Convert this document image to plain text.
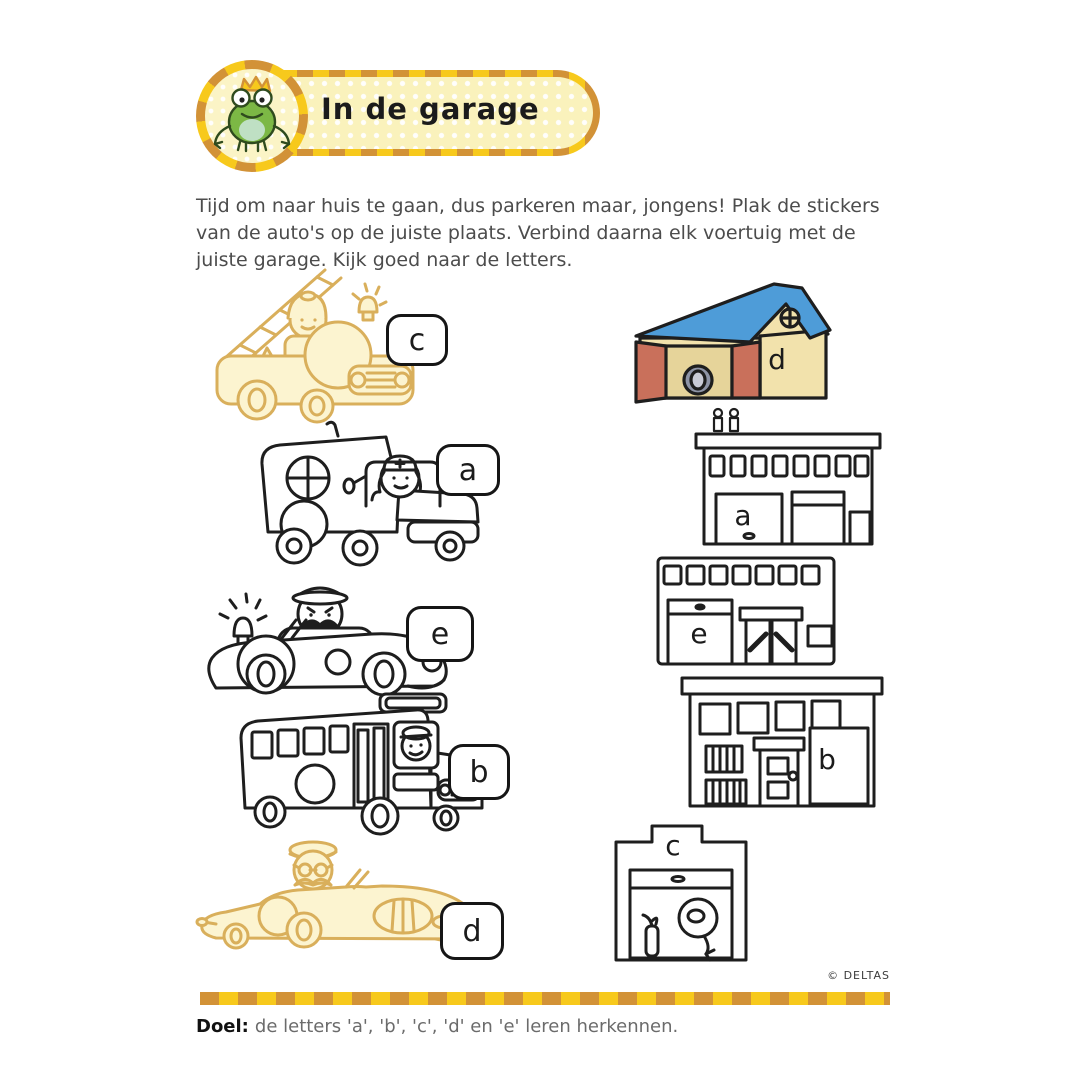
In de garage

Tijd om naar huis te gaan, dus parkeren maar, jongens! Plak de stickers van de auto's op de juiste plaats. Verbind daarna elk voertuig met de juiste garage. Kijk goed naar de letters.

c
a
e
b
d
d
a
e
b
c
© DELTAS
Doel: de letters 'a', 'b', 'c', 'd' en 'e' leren herkennen.
